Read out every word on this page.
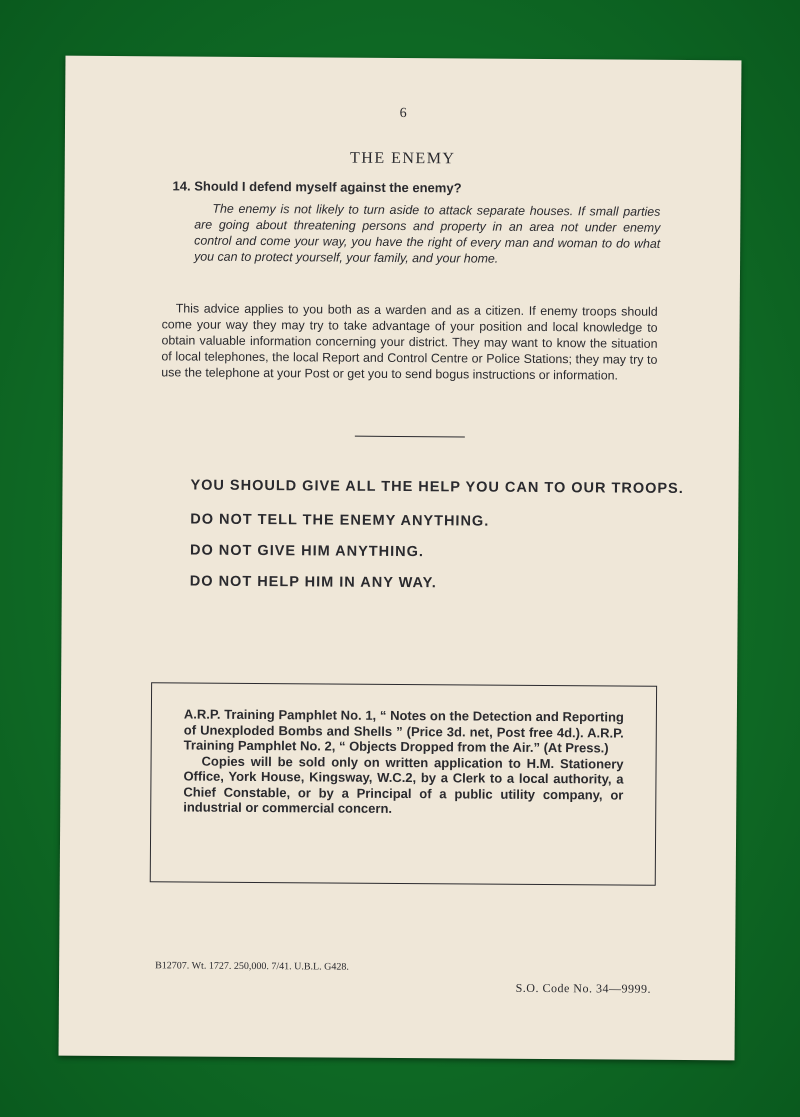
6
THE ENEMY
14. Should I defend myself against the enemy?
The enemy is not likely to turn aside to attack separate houses. If small parties are going about threatening persons and property in an area not under enemy control and come your way, you have the right of every man and woman to do what you can to protect yourself, your family, and your home.
This advice applies to you both as a warden and as a citizen. If enemy troops should come your way they may try to take advantage of your position and local knowledge to obtain valuable information concerning your district. They may want to know the situation of local telephones, the local Report and Control Centre or Police Stations; they may try to use the telephone at your Post or get you to send bogus instructions or information.
YOU SHOULD GIVE ALL THE HELP YOU CAN TO OUR TROOPS.
DO NOT TELL THE ENEMY ANYTHING.
DO NOT GIVE HIM ANYTHING.
DO NOT HELP HIM IN ANY WAY.

A.R.P. Training Pamphlet No. 1, “ Notes on the Detection and Reporting of Unexploded Bombs and Shells ” (Price 3d. net, Post free 4d.). A.R.P. Training Pamphlet No. 2, “ Objects Dropped from the Air.” (At Press.)

Copies will be sold only on written application to H.M. Stationery Office, York House, Kingsway, W.C.2, by a Clerk to a local authority, a Chief Constable, or by a Principal of a public utility company, or industrial or commercial concern.

B12707. Wt. 1727. 250,000. 7/41. U.B.L. G428.
S.O. Code No. 34—9999.
